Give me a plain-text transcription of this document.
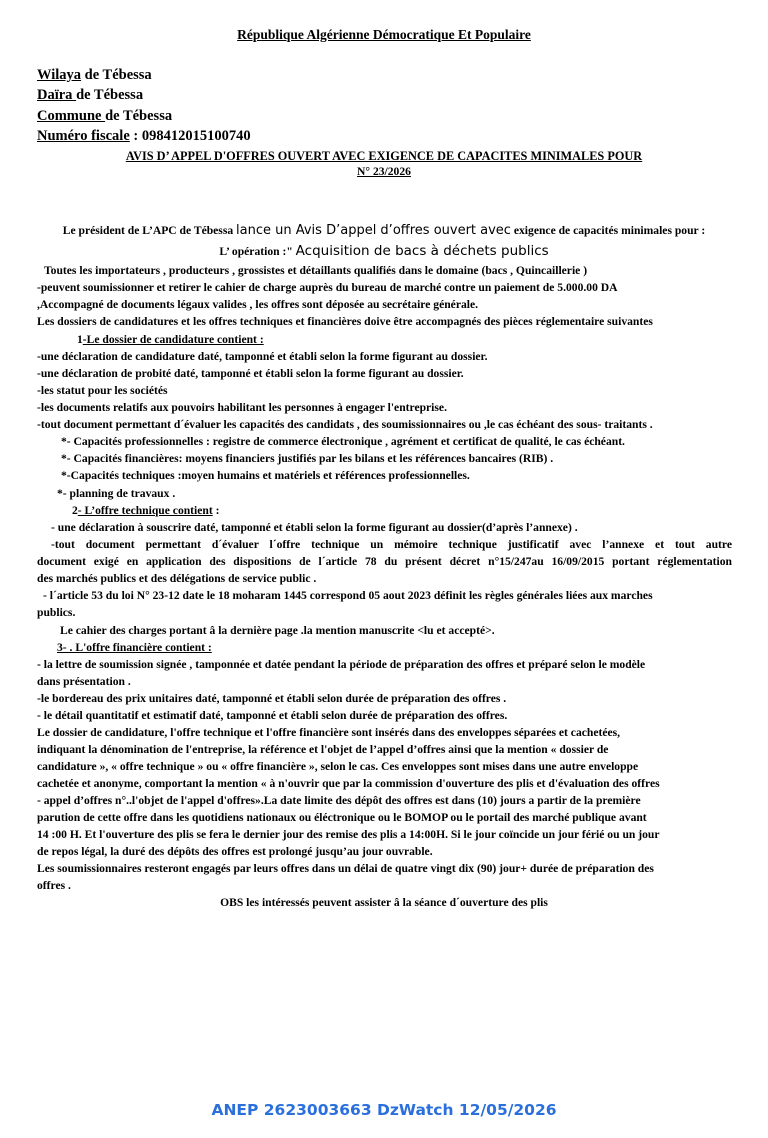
République Algérienne Démocratique Et Populaire
Wilaya de Tébessa
Daïra de Tébessa
Commune de Tébessa
Numéro fiscale : 098412015100740
AVIS D’ APPEL D'OFFRES OUVERT AVEC EXIGENCE DE CAPACITES MINIMALES POUR
N° 23/2026
Le président de L’APC de Tébessa lance un Avis D’appel d’offres ouvert avec exigence de capacités minimales pour :
L’ opération :" Acquisition de bacs à déchets publics
Toutes les importateurs , producteurs , grossistes et détaillants qualifiés dans le domaine (bacs , Quincaillerie )
-peuvent soumissionner et retirer le cahier de charge auprès du bureau de marché contre un paiement de 5.000.00 DA
,Accompagné de documents légaux valides , les offres sont déposée au secrétaire générale.
Les dossiers de candidatures et les offres techniques et financières doive être accompagnés des pièces réglementaire suivantes
1-Le dossier de candidature contient :
-une déclaration de candidature daté, tamponné et établi selon la forme figurant au dossier.
-une déclaration de probité daté, tamponné et établi selon la forme figurant au dossier.
-les statut pour les sociétés
-les documents relatifs aux pouvoirs habilitant les personnes à engager l'entreprise.
-tout document permettant d´évaluer les capacités des candidats , des soumissionnaires ou ,le cas échéant des sous- traitants .
*- Capacités professionnelles : registre de commerce électronique , agrément et certificat de qualité, le cas échéant.
*- Capacités financières: moyens financiers justifiés par les bilans et les références bancaires (RIB) .
*-Capacités techniques :moyen humains et matériels et références professionnelles.
*- planning de travaux .
2- L’offre technique contient :
- une déclaration à souscrire daté, tamponné et établi selon la forme figurant au dossier(d’après l’annexe) .
-tout document permettant d´évaluer l´offre technique un mémoire technique justificatif avec l’annexe et tout autre
document exigé en application des dispositions de l´article 78 du présent décret n°15/247au 16/09/2015 portant réglementation
des marchés publics et des délégations de service public .
- l´article 53 du loi N° 23-12 date le 18 moharam 1445 correspond 05 aout 2023 définit les règles générales liées aux marches
publics.
Le cahier des charges portant â la dernière page .la mention manuscrite <lu et accepté>.
3- . L'offre financière contient :
- la lettre de soumission signée , tamponnée et datée pendant la période de préparation des offres et préparé selon le modèle
dans présentation .
-le bordereau des prix unitaires daté, tamponné et établi selon durée de préparation des offres .
- le détail quantitatif et estimatif daté, tamponné et établi selon durée de préparation des offres.
Le dossier de candidature, l'offre technique et l'offre financière sont insérés dans des enveloppes séparées et cachetées,
indiquant la dénomination de l'entreprise, la référence et l'objet de l’appel d’offres ainsi que la mention « dossier de
candidature », « offre technique » ou « offre financière », selon le cas. Ces enveloppes sont mises dans une autre enveloppe
cachetée et anonyme, comportant la mention « à n'ouvrir que par la commission d'ouverture des plis et d'évaluation des offres
- appel d’offres n°..l'objet de l'appel d'offres».La date limite des dépôt des offres est dans (10) jours a partir de la première
parution de cette offre dans les quotidiens nationaux ou éléctronique ou le BOMOP ou le portail des marché publique avant
14 :00 H. Et l'ouverture des plis se fera le dernier jour des remise des plis a 14:00H. Si le jour coïncide un jour férié ou un jour
de repos légal, la duré des dépôts des offres est prolongé jusqu’au jour ouvrable.
Les soumissionnaires resteront engagés par leurs offres dans un délai de quatre vingt dix (90) jour+ durée de préparation des
offres .
OBS les intéressés peuvent assister â la séance d´ouverture des plis
ANEP 2623003663 DzWatch 12/05/2026
